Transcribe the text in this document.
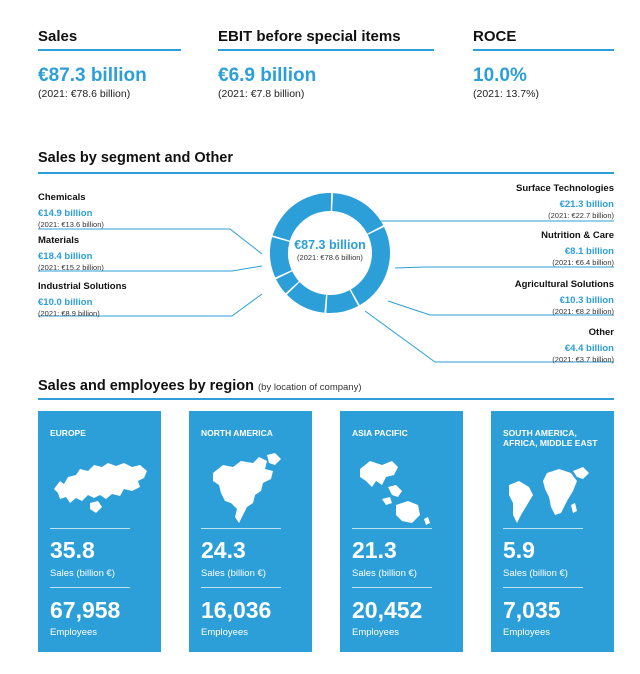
Sales
€87.3 billion
(2021: €78.6 billion)
EBIT before special items
€6.9 billion
(2021: €7.8 billion)
ROCE
10.0%
(2021: 13.7%)
Sales by segment and Other
€87.3 billion
(2021: €78.6 billion)
Chemicals
€14.9 billion
(2021: €13.6 billion)
Materials
€18.4 billion
(2021: €15.2 billion)
Industrial Solutions
€10.0 billion
(2021: €8.9 billion)
Surface Technologies
€21.3 billion
(2021: €22.7 billion)
Nutrition & Care
€8.1 billion
(2021: €6.4 billion)
Agricultural Solutions
€10.3 billion
(2021: €8.2 billion)
Other
€4.4 billion
(2021: €3.7 billion)
Sales and employees by region (by location of company)
EUROPE
35.8
Sales (billion €)
67,958
Employees
NORTH AMERICA
24.3
Sales (billion €)
16,036
Employees
ASIA PACIFIC
21.3
Sales (billion €)
20,452
Employees
SOUTH AMERICA, AFRICA, MIDDLE EAST
5.9
Sales (billion €)
7,035
Employees
